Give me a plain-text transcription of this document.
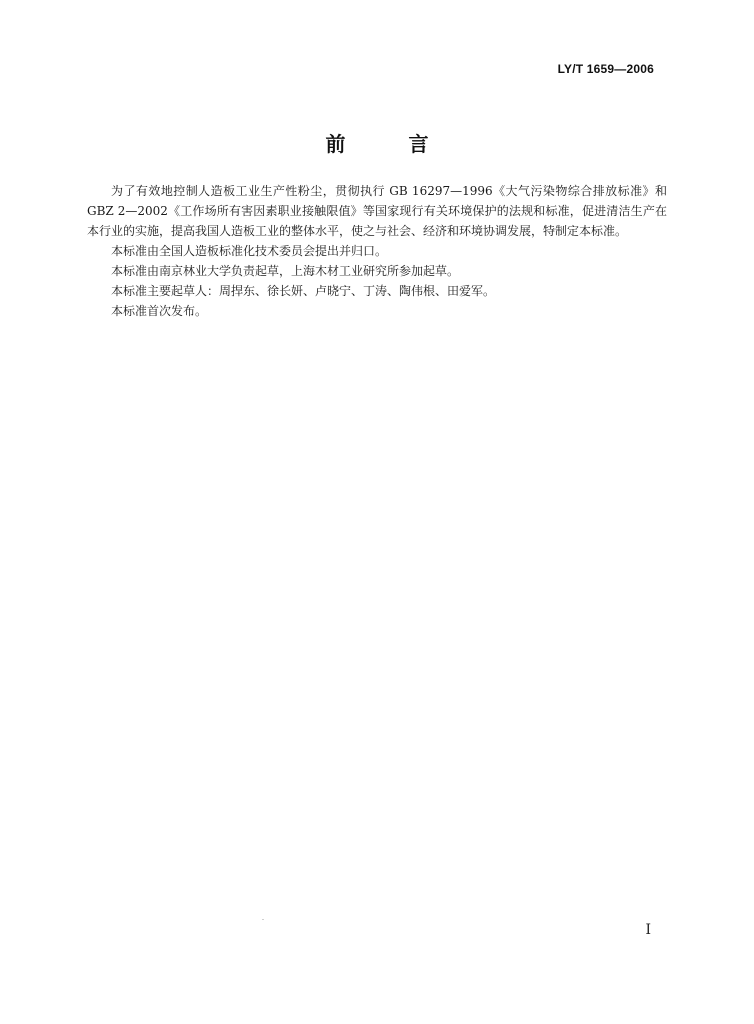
LY/T 1659—2006
前 言

为了有效地控制人造板工业生产性粉尘，贯彻执行 GB 16297—1996《大气污染物综合排放标准》和 GBZ 2—2002《工作场所有害因素职业接触限值》等国家现行有关环境保护的法规和标准，促进清洁生产在本行业的实施，提高我国人造板工业的整体水平，使之与社会、经济和环境协调发展，特制定本标准。

本标准由全国人造板标准化技术委员会提出并归口。

本标准由南京林业大学负责起草，上海木材工业研究所参加起草。

本标准主要起草人：周捍东、徐长妍、卢晓宁、丁涛、陶伟根、田爱军。

本标准首次发布。

I
